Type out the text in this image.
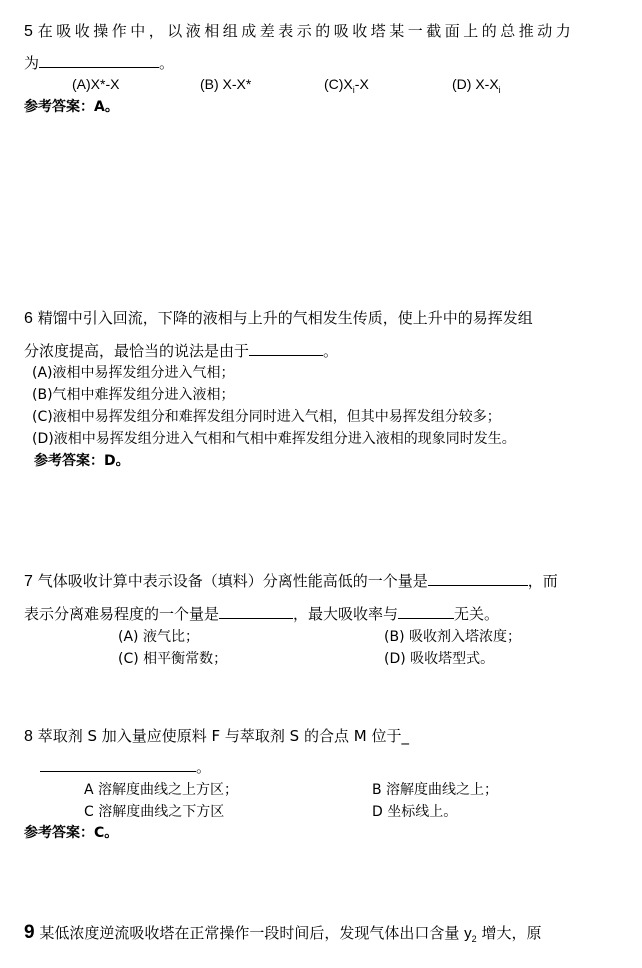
5 在吸收操作中，以液相组成差表示的吸收塔某一截面上的总推动力
为	。
(A)X*-X	(B) X-X*	$(C)X_i-X$	(D) $X-X_i$
参考答案：A。
6 精馏中引入回流，下降的液相与上升的气相发生传质，使上升中的易挥发组
分浓度提高，最恰当的说法是由于	。
(A)液相中易挥发组分进入气相；
(B)气相中难挥发组分进入液相；
(C)液相中易挥发组分和难挥发组分同时进入气相，但其中易挥发组分较多；
(D)液相中易挥发组分进入气相和气相中难挥发组分进入液相的现象同时发生。
参考答案：D。
7 气体吸收计算中表示设备（填料）分离性能高低的一个量是	，而
表示分离难易程度的一个量是	，最大吸收率与	无关。
(A) 液气比；	(B) 吸收剂入塔浓度；
(C) 相平衡常数；	(D) 吸收塔型式。
8 萃取剂 S 加入量应使原料 F 与萃取剂 S 的合点 M 位于_
。
A 溶解度曲线之上方区；	B 溶解度曲线之上；
C 溶解度曲线之下方区	D 坐标线上。
参考答案：C。
9 某低浓度逆流吸收塔在正常操作一段时间后，发现气体出口含量 $y_2$ 增大，原
